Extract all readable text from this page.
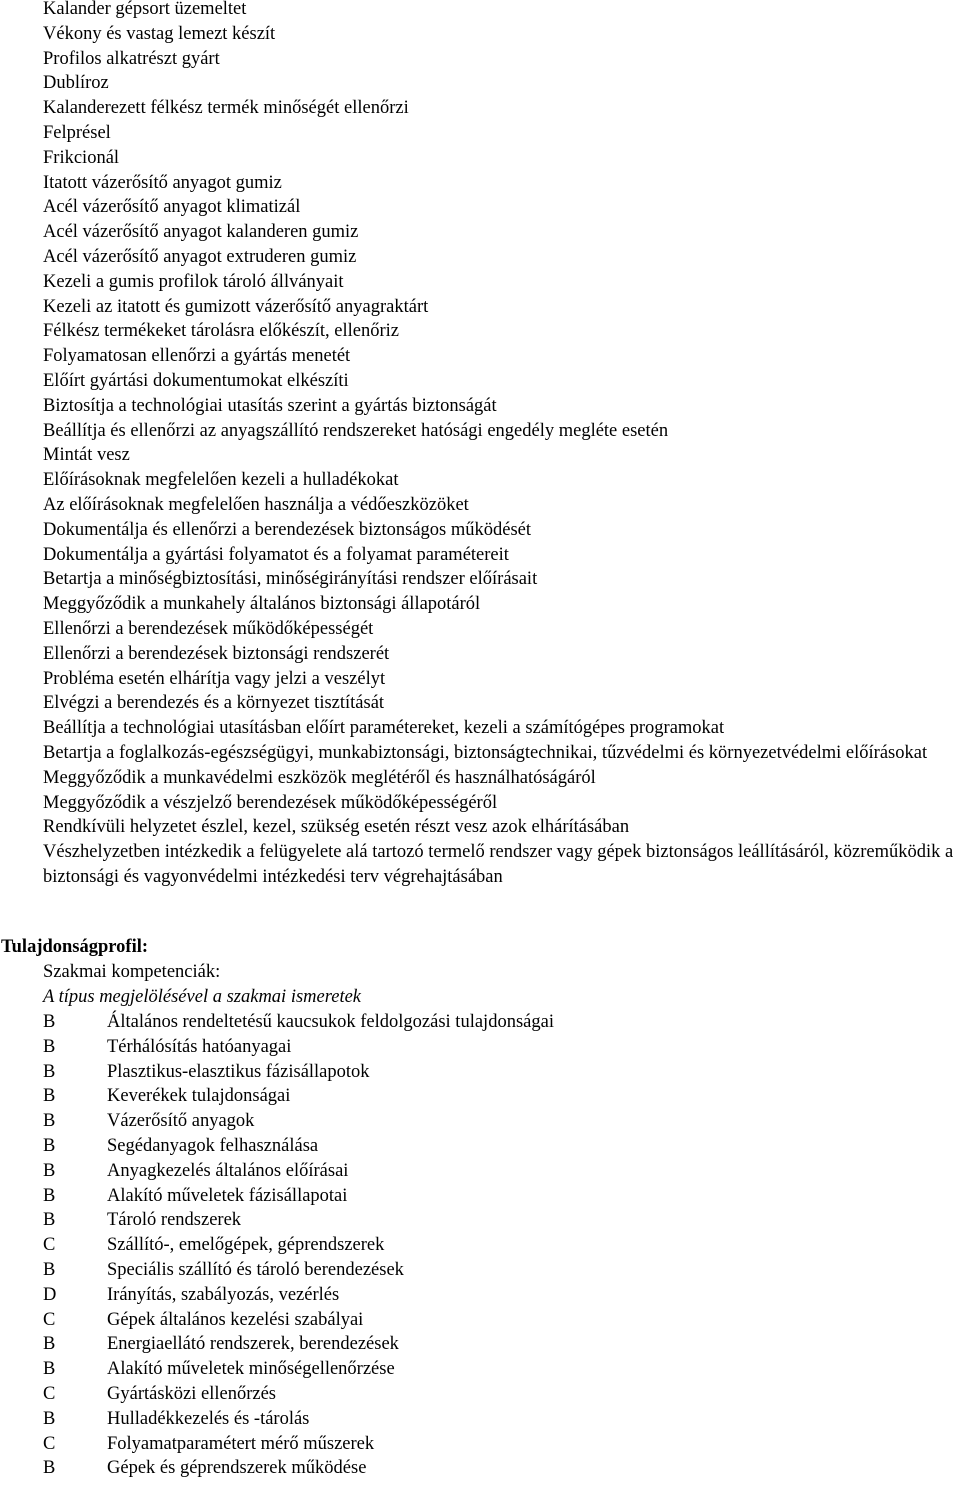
Kalander gépsort üzemeltet
Vékony és vastag lemezt készít
Profilos alkatrészt gyárt
Dublíroz
Kalanderezett félkész termék minőségét ellenőrzi
Felprésel
Frikcionál
Itatott vázerősítő anyagot gumiz
Acél vázerősítő anyagot klimatizál
Acél vázerősítő anyagot kalanderen gumiz
Acél vázerősítő anyagot extruderen gumiz
Kezeli a gumis profilok tároló állványait
Kezeli az itatott és gumizott vázerősítő anyagraktárt
Félkész termékeket tárolásra előkészít, ellenőriz
Folyamatosan ellenőrzi a gyártás menetét
Előírt gyártási dokumentumokat elkészíti
Biztosítja a technológiai utasítás szerint a gyártás biztonságát
Beállítja és ellenőrzi az anyagszállító rendszereket hatósági engedély megléte esetén
Mintát vesz
Előírásoknak megfelelően kezeli a hulladékokat
Az előírásoknak megfelelően használja a védőeszközöket
Dokumentálja és ellenőrzi a berendezések biztonságos működését
Dokumentálja a gyártási folyamatot és a folyamat paramétereit
Betartja a minőségbiztosítási, minőségirányítási rendszer előírásait
Meggyőződik a munkahely általános biztonsági állapotáról
Ellenőrzi a berendezések működőképességét
Ellenőrzi a berendezések biztonsági rendszerét
Probléma esetén elhárítja vagy jelzi a veszélyt
Elvégzi a berendezés és a környezet tisztítását
Beállítja a technológiai utasításban előírt paramétereket, kezeli a számítógépes programokat
Betartja a foglalkozás-egészségügyi, munkabiztonsági, biztonságtechnikai, tűzvédelmi és környezetvédelmi előírásokat
Meggyőződik a munkavédelmi eszközök meglétéről és használhatóságáról
Meggyőződik a vészjelző berendezések működőképességéről
Rendkívüli helyzetet észlel, kezel, szükség esetén részt vesz azok elhárításában
Vészhelyzetben intézkedik a felügyelete alá tartozó termelő rendszer vagy gépek biztonságos leállításáról, közreműködik a biztonsági és vagyonvédelmi intézkedési terv végrehajtásában
Tulajdonságprofil:

Szakmai kompetenciák:

A típus megjelölésével a szakmai ismeretek

B	Általános rendeltetésű kaucsukok feldolgozási tulajdonságai
B	Térhálósítás hatóanyagai
B	Plasztikus-elasztikus fázisállapotok
B	Keverékek tulajdonságai
B	Vázerősítő anyagok
B	Segédanyagok felhasználása
B	Anyagkezelés általános előírásai
B	Alakító műveletek fázisállapotai
B	Tároló rendszerek
C	Szállító-, emelőgépek, géprendszerek
B	Speciális szállító és tároló berendezések
D	Irányítás, szabályozás, vezérlés
C	Gépek általános kezelési szabályai
B	Energiaellátó rendszerek, berendezések
B	Alakító műveletek minőségellenőrzése
C	Gyártásközi ellenőrzés
B	Hulladékkezelés és -tárolás
C	Folyamatparamétert mérő műszerek
B	Gépek és géprendszerek működése
